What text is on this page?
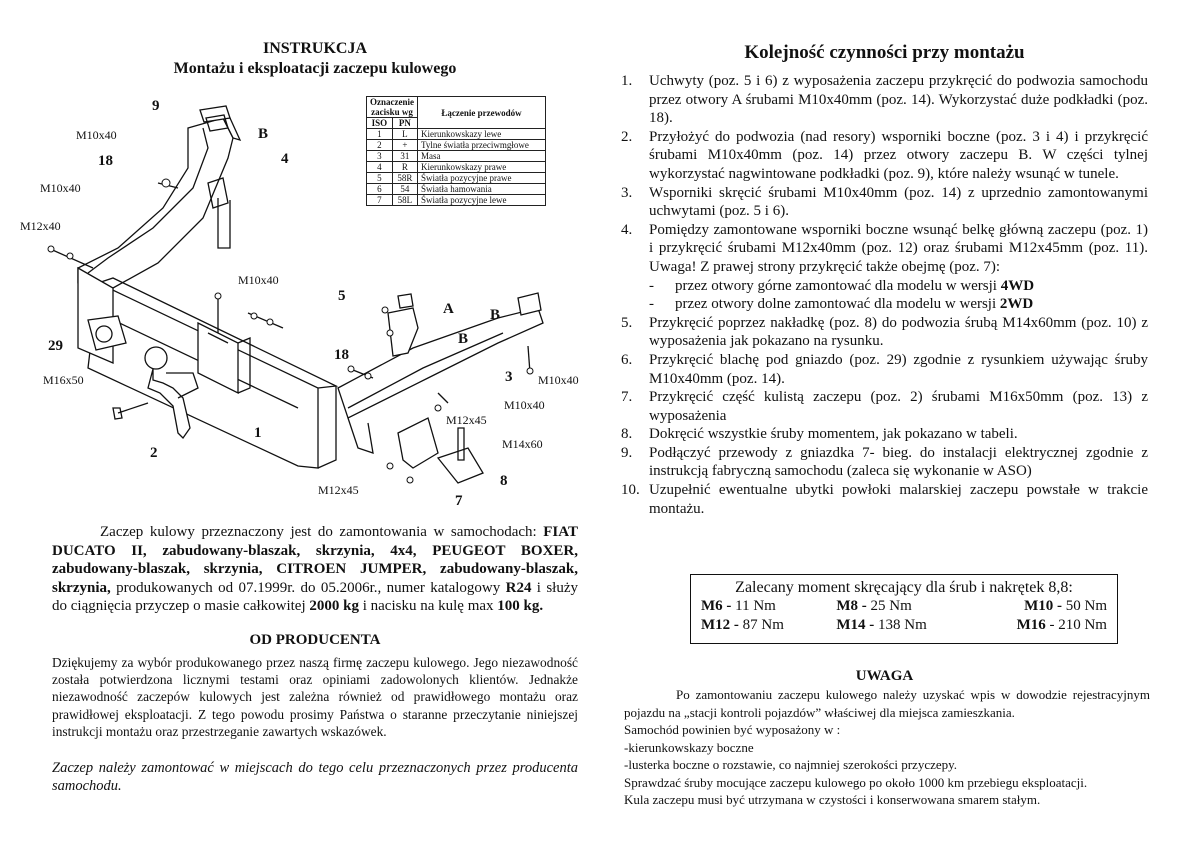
INSTRUKCJA
Montażu i eksploatacji zaczepu kulowego
9
B
4
M10x40
18
M10x40
M12x40
M10x40
29
M16x50
5
A B
B
18
3 M10x40
M10x40
M12x45
M14x60
1
2
8
7
M12x45
Oznaczenie
zacisku wg		Łączenie przewodów
ISO	PN	
1	L	Kierunkowskazy lewe
2	+	Tylne światła przeciwmgłowe
3	31	Masa
4	R	Kierunkowskazy prawe
5	58R	Światła pozycyjne prawe
6	54	Światła hamowania
7	58L	Światła pozycyjne lewe

Zaczep kulowy przeznaczony jest do zamontowania w samochodach: FIAT DUCATO II, zabudowany-blaszak, skrzynia, 4x4, PEUGEOT BOXER, zabudowany-blaszak, skrzynia, CITROEN JUMPER, zabudowany-blaszak, skrzynia, produkowanych od 07.1999r. do 05.2006r., numer katalogowy R24 i służy do ciągnięcia przyczep o masie całkowitej 2000 kg i nacisku na kulę max 100 kg.

OD PRODUCENTA
Dziękujemy za wybór produkowanego przez naszą firmę zaczepu kulowego. Jego niezawodność została potwierdzona licznymi testami oraz opiniami zadowolonych klientów. Jednakże niezawodność zaczepów kulowych jest zależna również od prawidłowego montażu oraz prawidłowej eksploatacji. Z tego powodu prosimy Państwa o staranne przeczytanie niniejszej instrukcji montażu oraz przestrzeganie zawartych wskazówek.
Zaczep należy zamontować w miejscach do tego celu przeznaczonych przez producenta samochodu.
Kolejność czynności przy montażu
1.	Uchwyty (poz. 5 i 6) z wyposażenia zaczepu przykręcić do podwozia samochodu przez otwory A śrubami M10x40mm (poz. 14). Wykorzystać duże podkładki (poz. 18).
2.	Przyłożyć do podwozia (nad resory) wsporniki boczne (poz. 3 i 4) i przykręcić śrubami M10x40mm (poz. 14) przez otwory zaczepu B. W części tylnej wykorzystać nagwintowane podkładki (poz. 9), które należy wsunąć w tunele.
3.	Wsporniki skręcić śrubami M10x40mm (poz. 14) z uprzednio zamontowanymi uchwytami (poz. 5 i 6).
4.	Pomiędzy zamontowane wsporniki boczne wsunąć belkę główną zaczepu (poz. 1) i przykręcić śrubami M12x40mm (poz. 12) oraz śrubami M12x45mm (poz. 11). Uwaga! Z prawej strony przykręcić także obejmę (poz. 7):
-	przez otwory górne zamontować dla modelu w wersji 4WD
-	przez otwory dolne zamontować dla modelu w wersji 2WD
5.	Przykręcić poprzez nakładkę (poz. 8) do podwozia śrubą M14x60mm (poz. 10) z wyposażenia jak pokazano na rysunku.
6.	Przykręcić blachę pod gniazdo (poz. 29) zgodnie z rysunkiem używając śruby M10x40mm (poz. 14).
7.	Przykręcić część kulistą zaczepu (poz. 2) śrubami M16x50mm (poz. 13) z wyposażenia
8.	Dokręcić wszystkie śruby momentem, jak pokazano w tabeli.
9.	Podłączyć przewody z gniazdka 7- bieg. do instalacji elektrycznej zgodnie z instrukcją fabryczną samochodu (zaleca się wykonanie w ASO)
10. Uzupełnić ewentualne ubytki powłoki malarskiej zaczepu powstałe w trakcie montażu.
Zalecany moment skręcający dla śrub i nakrętek 8,8:
M6 - 11 Nm	M8 - 25 Nm	M10 - 50 Nm
M12 - 87 Nm	M14 - 138 Nm	M16 - 210 Nm
UWAGA
Po zamontowaniu zaczepu kulowego należy uzyskać wpis w dowodzie rejestracyjnym pojazdu na „stacji kontroli pojazdów” właściwej dla miejsca zamieszkania.
Samochód powinien być wyposażony w :
-kierunkowskazy boczne
-lusterka boczne o rozstawie, co najmniej szerokości przyczepy.
Sprawdzać śruby mocujące zaczepu kulowego po około 1000 km przebiegu eksploatacji.
Kula zaczepu musi być utrzymana w czystości i konserwowana smarem stałym.
